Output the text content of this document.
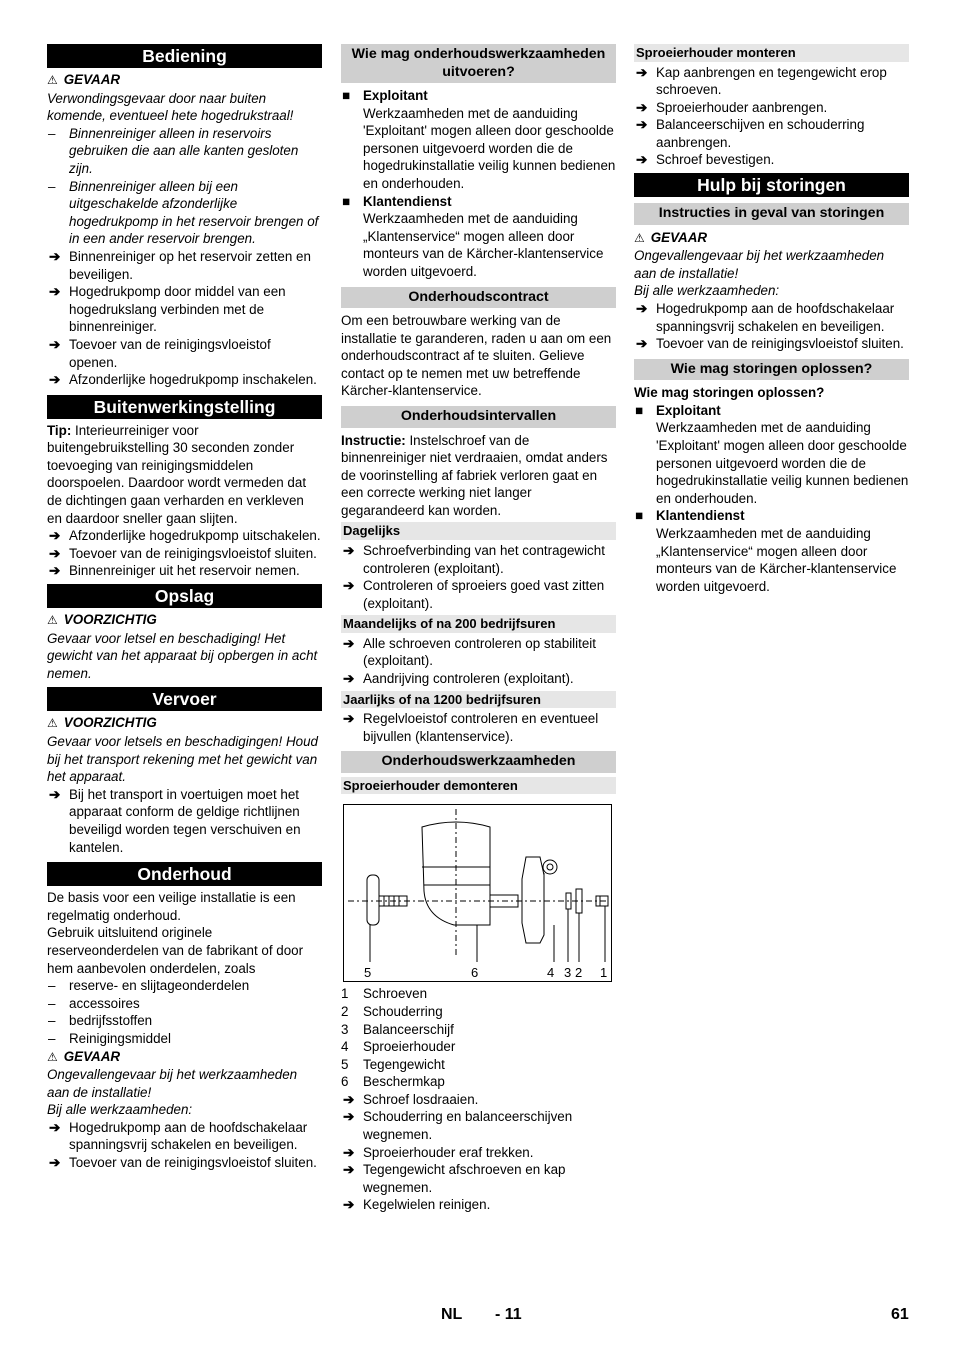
Bediening

⚠ GEVAAR

Verwondingsgevaar door naar buiten komende, eventueel hete hogedrukstraal!

– Binnenreiniger alleen in reservoirs gebruiken die aan alle kanten gesloten zijn.

– Binnenreiniger alleen bij een uitgeschakelde afzonderlijke hogedrukpomp in het reservoir brengen of in een ander reservoir brengen.

➔ Binnenreiniger op het reservoir zetten en beveiligen.

➔ Hogedrukpomp door middel van een hogedrukslang verbinden met de binnenreiniger.

➔ Toevoer van de reinigingsvloeistof openen.

➔ Afzonderlijke hogedrukpomp inschakelen.

Buitenwerkingstelling

Tip: Interieurreiniger voor buitengebruikstelling 30 seconden zonder toevoeging van reinigingsmiddelen doorspoelen. Daardoor wordt vermeden dat de dichtingen gaan verharden en verkleven en daardoor sneller gaan slijten.

➔ Afzonderlijke hogedrukpomp uitschakelen.

➔ Toevoer van de reinigingsvloeistof sluiten.

➔ Binnenreiniger uit het reservoir nemen.

Opslag

⚠ VOORZICHTIG

Gevaar voor letsel en beschadiging! Het gewicht van het apparaat bij opbergen in acht nemen.

Vervoer

⚠ VOORZICHTIG

Gevaar voor letsels en beschadigingen! Houd bij het transport rekening met het gewicht van het apparaat.

➔ Bij het transport in voertuigen moet het apparaat conform de geldige richtlijnen beveiligd worden tegen verschuiven en kantelen.

Onderhoud

De basis voor een veilige installatie is een regelmatig onderhoud.

Gebruik uitsluitend originele reserveonderdelen van de fabrikant of door hem aanbevolen onderdelen, zoals

– reserve- en slijtageonderdelen

– accessoires

– bedrijfsstoffen

– Reinigingsmiddel

⚠ GEVAAR

Ongevallengevaar bij het werkzaamheden aan de installatie!

Bij alle werkzaamheden:

➔ Hogedrukpomp aan de hoofdschakelaar spanningsvrij schakelen en beveiligen.

➔ Toevoer van de reinigingsvloeistof sluiten.

Wie mag onderhoudswerkzaamheden uitvoeren?
■ Exploitant

Werkzaamheden met de aanduiding 'Exploitant' mogen alleen door geschoolde personen uitgevoerd worden die de hogedrukinstallatie veilig kunnen bedienen en onderhouden.

■ Klantendienst

Werkzaamheden met de aanduiding „Klantenservice“ mogen alleen door monteurs van de Kärcher-klantenservice worden uitgevoerd.

Onderhoudscontract

Om een betrouwbare werking van de installatie te garanderen, raden u aan om een onderhoudscontract af te sluiten. Gelieve contact op te nemen met uw betreffende Kärcher-klantenservice.

Onderhoudsintervallen

Instructie: Instelschroef van de binnenreiniger niet verdraaien, omdat anders de voorinstelling af fabriek verloren gaat en een correcte werking niet langer gegarandeerd kan worden.

Dagelijks

➔ Schroefverbinding van het contragewicht controleren (exploitant).

➔ Controleren of sproeiers goed vast zitten (exploitant).

Maandelijks of na 200 bedrijfsuren

➔ Alle schroeven controleren op stabiliteit (exploitant).

➔ Aandrijving controleren (exploitant).

Jaarlijks of na 1200 bedrijfsuren

➔ Regelvloeistof controleren en eventueel bijvullen (klantenservice).

Onderhoudswerkzaamheden
Sproeierhouder demonteren
5	6	4 3 2 1

1 Schroeven

2 Schouderring

3 Balanceerschijf

4 Sproeierhouder

5 Tegengewicht

6 Beschermkap

➔ Schroef losdraaien.

➔ Schouderring en balanceerschijven wegnemen.

➔ Sproeierhouder eraf trekken.

➔ Tegengewicht afschroeven en kap wegnemen.

➔ Kegelwielen reinigen.

Sproeierhouder monteren

➔ Kap aanbrengen en tegengewicht erop schroeven.

➔ Sproeierhouder aanbrengen.

➔ Balanceerschijven en schouderring aanbrengen.

➔ Schroef bevestigen.

Hulp bij storingen
Instructies in geval van storingen

⚠ GEVAAR

Ongevallengevaar bij het werkzaamheden aan de installatie!

Bij alle werkzaamheden:

➔ Hogedrukpomp aan de hoofdschakelaar spanningsvrij schakelen en beveiligen.

➔ Toevoer van de reinigingsvloeistof sluiten.

Wie mag storingen oplossen?

Wie mag storingen oplossen?

■ Exploitant

Werkzaamheden met de aanduiding 'Exploitant' mogen alleen door geschoolde personen uitgevoerd worden die de hogedrukinstallatie veilig kunnen bedienen en onderhouden.

■ Klantendienst

Werkzaamheden met de aanduiding „Klantenservice“ mogen alleen door monteurs van de Kärcher-klantenservice worden uitgevoerd.

NL - 11	61
